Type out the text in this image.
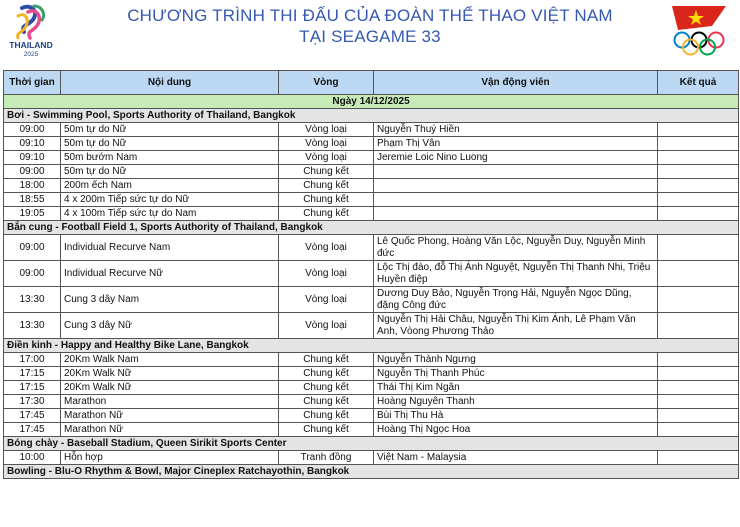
THAILAND
2025
CHƯƠNG TRÌNH THI ĐẤU CỦA ĐOÀN THỂ THAO VIỆT NAM
TẠI SEAGAME 33
Thời gian	Nội dung	Vòng	Vận động viên	Kết quả
Ngày 14/12/2025				
Bơi - Swimming Pool, Sports Authority of Thailand, Bangkok				
09:00	50m tự do Nữ	Vòng loại	Nguyễn Thuý Hiền	
09:10	50m tự do Nữ	Vòng loại	Phạm Thị Vân	
09:10	50m bướm Nam	Vòng loại	Jeremie Loic Nino Luong	
09:00	50m tự do Nữ	Chung kết		
18:00	200m ếch Nam	Chung kết		
18:55	4 x 200m Tiếp sức tự do Nữ	Chung kết		
19:05	4 x 100m Tiếp sức tự do Nam	Chung kết		
Bắn cung - Football Field 1, Sports Authority of Thailand, Bangkok				
09:00	Individual Recurve Nam	Vòng loại	Lê Quốc Phong, Hoàng Văn Lộc, Nguyễn Duy, Nguyễn Minh đức	
09:00	Individual Recurve Nữ	Vòng loại	Lộc Thị đào, đỗ Thị Ánh Nguyệt, Nguyễn Thị Thanh Nhi, Triệu Huyền điệp	
13:30	Cung 3 dây Nam	Vòng loại	Dương Duy Bảo, Nguyễn Trọng Hải, Nguyễn Ngọc Dũng, đặng Công đức	
13:30	Cung 3 dây Nữ	Vòng loại	Nguyễn Thị Hải Châu, Nguyễn Thị Kim Ánh, Lê Phạm Vân Anh, Vòong Phương Thảo	
Điền kinh - Happy and Healthy Bike Lane, Bangkok				
17:00	20Km Walk Nam	Chung kết	Nguyễn Thành Ngưng	
17:15	20Km Walk Nữ	Chung kết	Nguyễn Thị Thanh Phúc	
17:15	20Km Walk Nữ	Chung kết	Thái Thị Kim Ngân	
17:30	Marathon	Chung kết	Hoàng Nguyên Thanh	
17:45	Marathon Nữ	Chung kết	Bùi Thị Thu Hà	
17:45	Marathon Nữ	Chung kết	Hoàng Thị Ngọc Hoa	
Bóng chày - Baseball Stadium, Queen Sirikit Sports Center				
10:00	Hỗn hợp	Tranh đồng	Việt Nam - Malaysia	
Bowling - Blu-O Rhythm & Bowl, Major Cineplex Ratchayothin, Bangkok				
